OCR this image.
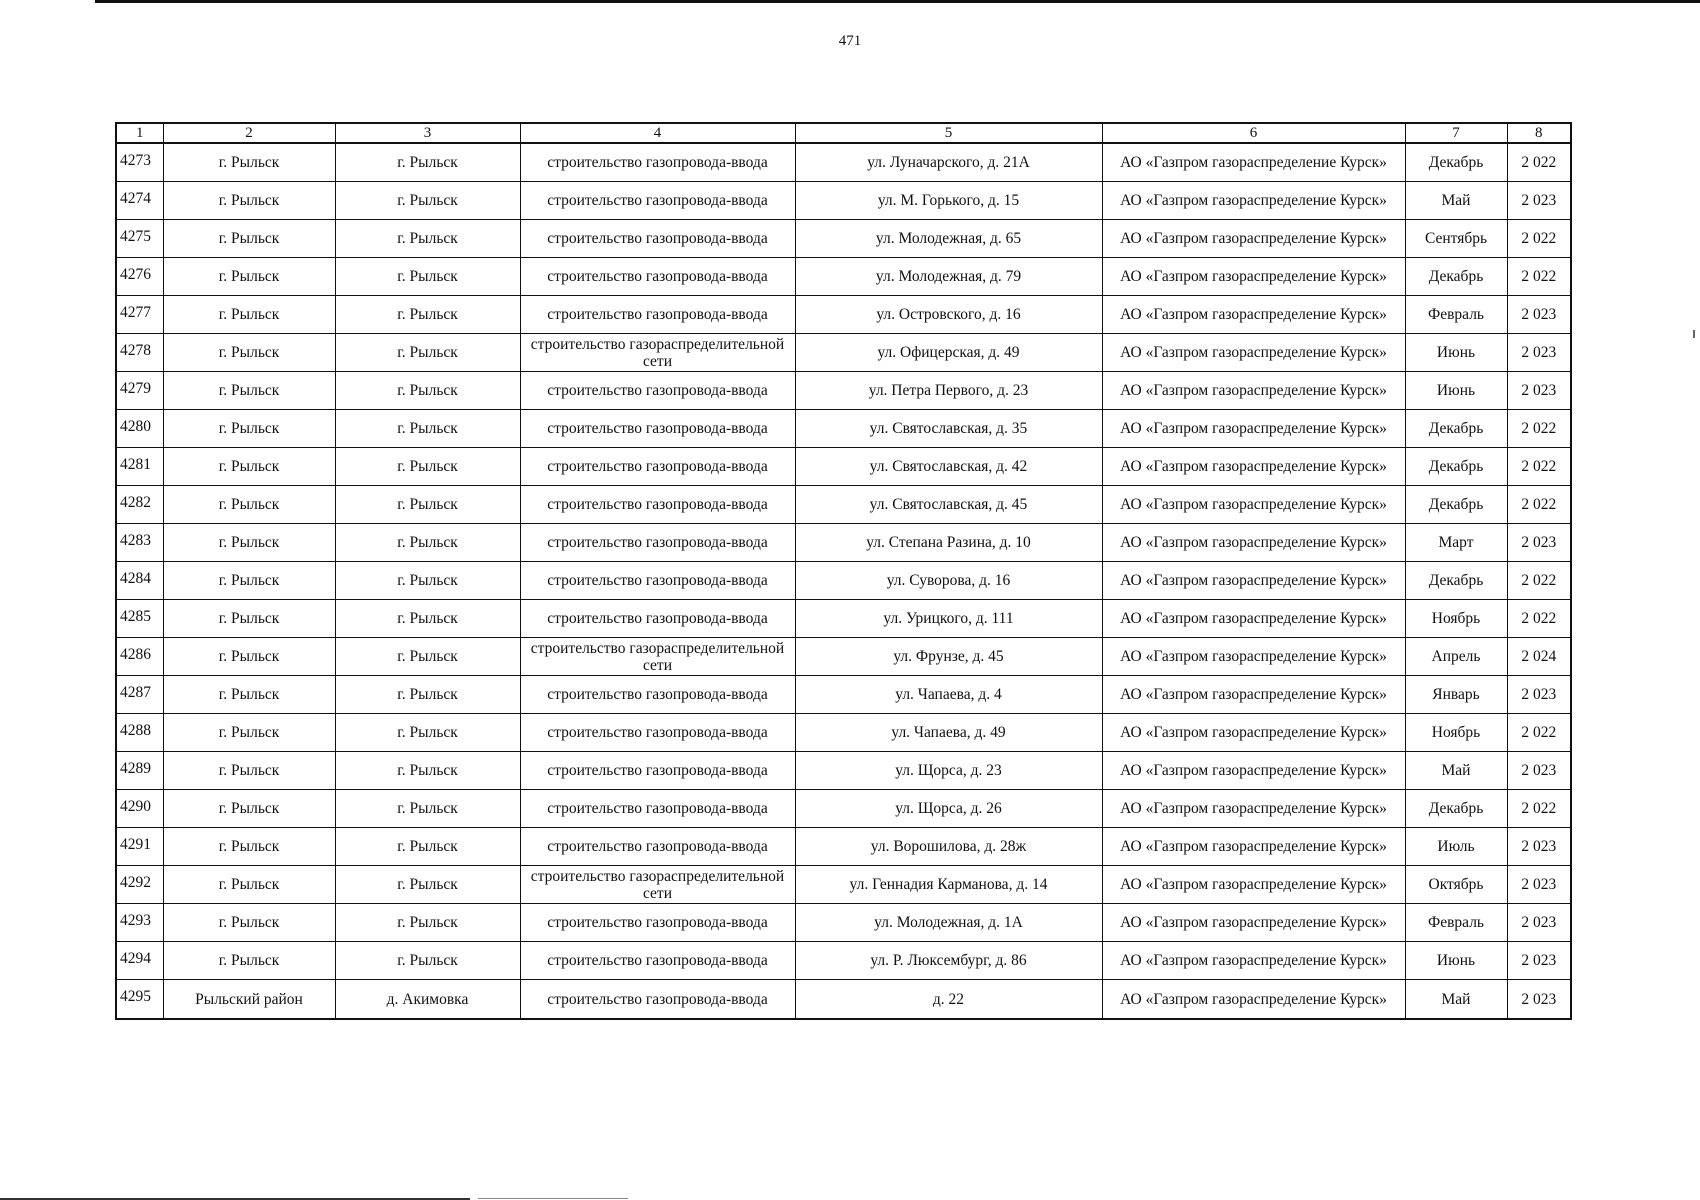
471
1	2	3	4	5	6	7	8
4273	г. Рыльск	г. Рыльск	строительство газопровода-ввода	ул. Луначарского, д. 21А	АО «Газпром газораспределение Курск»	Декабрь	2 022
4274	г. Рыльск	г. Рыльск	строительство газопровода-ввода	ул. М. Горького, д. 15	АО «Газпром газораспределение Курск»	Май	2 023
4275	г. Рыльск	г. Рыльск	строительство газопровода-ввода	ул. Молодежная, д. 65	АО «Газпром газораспределение Курск»	Сентябрь	2 022
4276	г. Рыльск	г. Рыльск	строительство газопровода-ввода	ул. Молодежная, д. 79	АО «Газпром газораспределение Курск»	Декабрь	2 022
4277	г. Рыльск	г. Рыльск	строительство газопровода-ввода	ул. Островского, д. 16	АО «Газпром газораспределение Курск»	Февраль	2 023
4278	г. Рыльск	г. Рыльск	строительство газораспределительной сети	ул. Офицерская, д. 49	АО «Газпром газораспределение Курск»	Июнь	2 023
4279	г. Рыльск	г. Рыльск	строительство газопровода-ввода	ул. Петра Первого, д. 23	АО «Газпром газораспределение Курск»	Июнь	2 023
4280	г. Рыльск	г. Рыльск	строительство газопровода-ввода	ул. Святославская, д. 35	АО «Газпром газораспределение Курск»	Декабрь	2 022
4281	г. Рыльск	г. Рыльск	строительство газопровода-ввода	ул. Святославская, д. 42	АО «Газпром газораспределение Курск»	Декабрь	2 022
4282	г. Рыльск	г. Рыльск	строительство газопровода-ввода	ул. Святославская, д. 45	АО «Газпром газораспределение Курск»	Декабрь	2 022
4283	г. Рыльск	г. Рыльск	строительство газопровода-ввода	ул. Степана Разина, д. 10	АО «Газпром газораспределение Курск»	Март	2 023
4284	г. Рыльск	г. Рыльск	строительство газопровода-ввода	ул. Суворова, д. 16	АО «Газпром газораспределение Курск»	Декабрь	2 022
4285	г. Рыльск	г. Рыльск	строительство газопровода-ввода	ул. Урицкого, д. 111	АО «Газпром газораспределение Курск»	Ноябрь	2 022
4286	г. Рыльск	г. Рыльск	строительство газораспределительной сети	ул. Фрунзе, д. 45	АО «Газпром газораспределение Курск»	Апрель	2 024
4287	г. Рыльск	г. Рыльск	строительство газопровода-ввода	ул. Чапаева, д. 4	АО «Газпром газораспределение Курск»	Январь	2 023
4288	г. Рыльск	г. Рыльск	строительство газопровода-ввода	ул. Чапаева, д. 49	АО «Газпром газораспределение Курск»	Ноябрь	2 022
4289	г. Рыльск	г. Рыльск	строительство газопровода-ввода	ул. Щорса, д. 23	АО «Газпром газораспределение Курск»	Май	2 023
4290	г. Рыльск	г. Рыльск	строительство газопровода-ввода	ул. Щорса, д. 26	АО «Газпром газораспределение Курск»	Декабрь	2 022
4291	г. Рыльск	г. Рыльск	строительство газопровода-ввода	ул. Ворошилова, д. 28ж	АО «Газпром газораспределение Курск»	Июль	2 023
4292	г. Рыльск	г. Рыльск	строительство газораспределительной сети	ул. Геннадия Карманова, д. 14	АО «Газпром газораспределение Курск»	Октябрь	2 023
4293	г. Рыльск	г. Рыльск	строительство газопровода-ввода	ул. Молодежная, д. 1А	АО «Газпром газораспределение Курск»	Февраль	2 023
4294	г. Рыльск	г. Рыльск	строительство газопровода-ввода	ул. Р. Люксембург, д. 86	АО «Газпром газораспределение Курск»	Июнь	2 023
4295	Рыльский район	д. Акимовка	строительство газопровода-ввода	д. 22	АО «Газпром газораспределение Курск»	Май	2 023
